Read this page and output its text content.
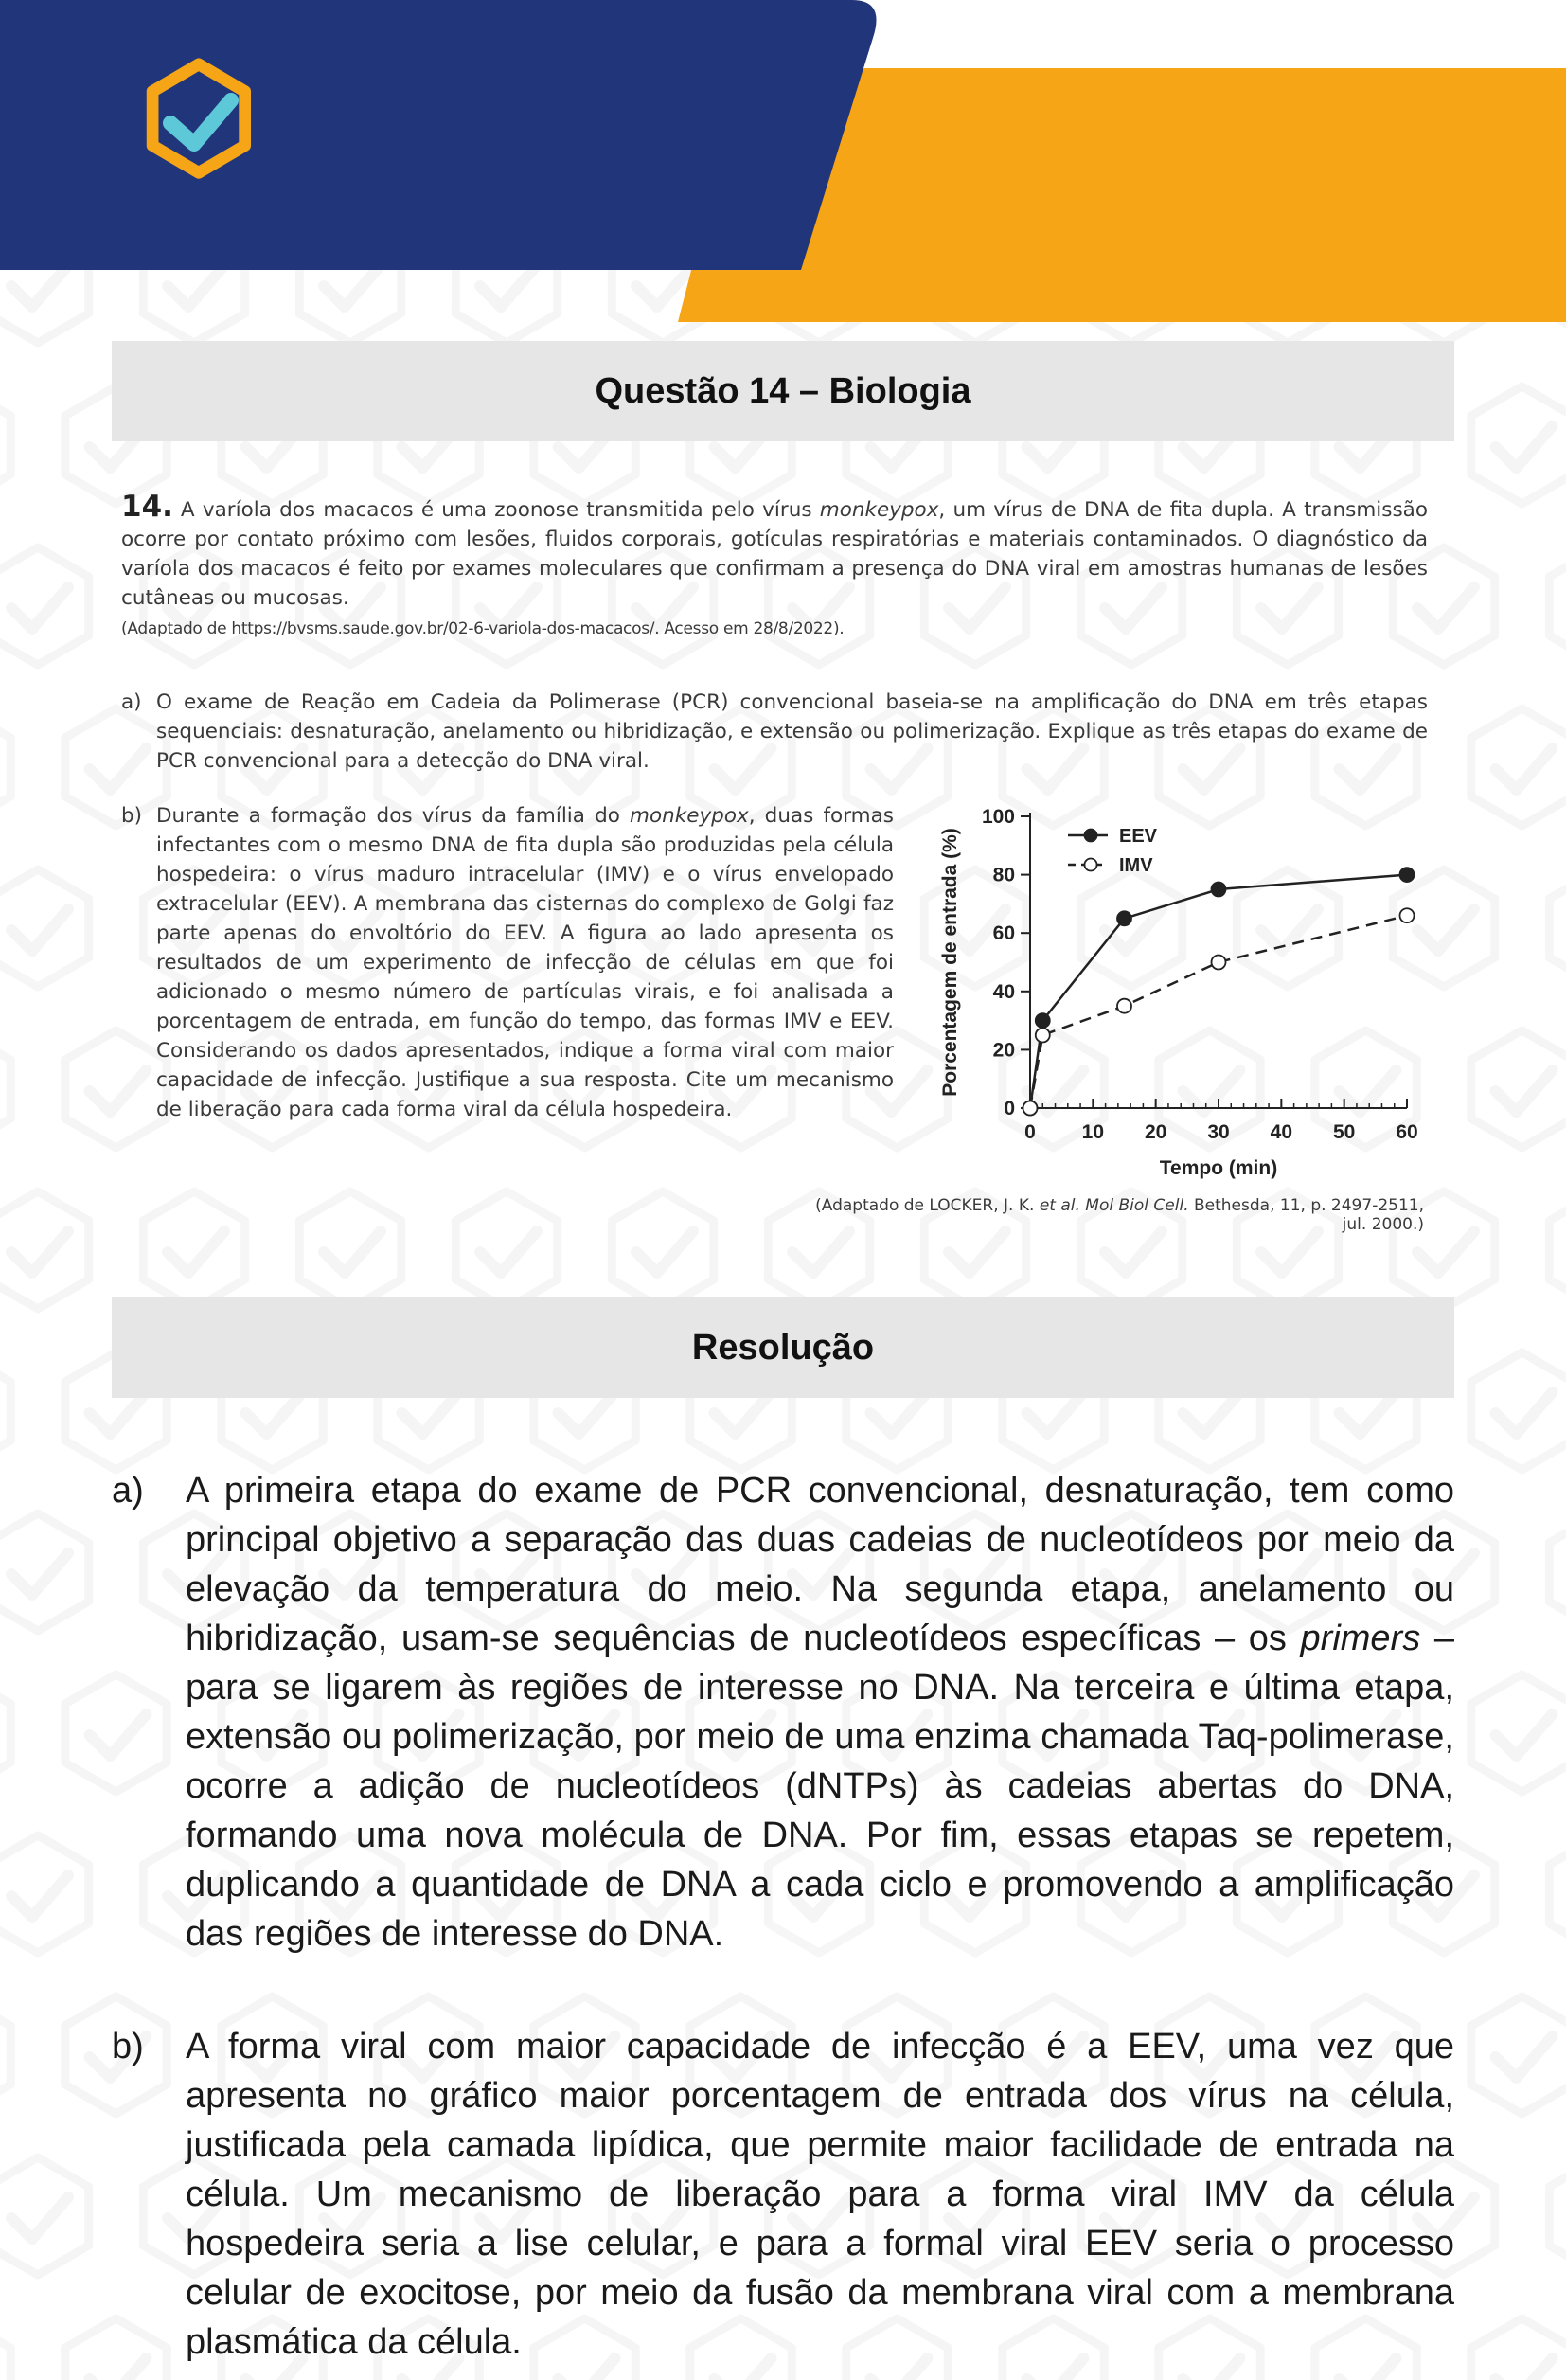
Questão 14 – Biologia
14. A varíola dos macacos é uma zoonose transmitida pelo vírus monkeypox, um vírus de DNA de fita dupla. A transmissão ocorre por contato próximo com lesões, fluidos corporais, gotículas respiratórias e materiais contaminados. O diagnóstico da varíola dos macacos é feito por exames moleculares que confirmam a presença do DNA viral em amostras humanas de lesões cutâneas ou mucosas.
(Adaptado de https://bvsms.saude.gov.br/02-6-variola-dos-macacos/. Acesso em 28/8/2022).
a) O exame de Reação em Cadeia da Polimerase (PCR) convencional baseia-se na amplificação do DNA em três etapas sequenciais: desnaturação, anelamento ou hibridização, e extensão ou polimerização. Explique as três etapas do exame de PCR convencional para a detecção do DNA viral.
b) Durante a formação dos vírus da família do monkeypox, duas formas infectantes com o mesmo DNA de fita dupla são produzidas pela célula hospedeira: o vírus maduro intracelular (IMV) e o vírus envelopado extracelular (EEV). A membrana das cisternas do complexo de Golgi faz parte apenas do envoltório do EEV. A figura ao lado apresenta os resultados de um experimento de infecção de células em que foi adicionado o mesmo número de partículas virais, e foi analisada a porcentagem de entrada, em função do tempo, das formas IMV e EEV. Considerando os dados apresentados, indique a forma viral com maior capacidade de infecção. Justifique a sua resposta. Cite um mecanismo de liberação para cada forma viral da célula hospedeira.
0 10 20 30 40 50 60
0
20
40
60
80
100
Tempo (min)
Porcentagem de entrada (%)	EEV
IMV
(Adaptado de LOCKER, J. K. et al. Mol Biol Cell. Bethesda, 11, p. 2497-2511, jul. 2000.)
Resolução
a)	A primeira etapa do exame de PCR convencional, desnaturação, tem como principal objetivo a separação das duas cadeias de nucleotídeos por meio da elevação da temperatura do meio. Na segunda etapa, anelamento ou hibridização, usam-se sequências de nucleotídeos específicas – os primers – para se ligarem às regiões de interesse no DNA. Na terceira e última etapa, extensão ou polimerização, por meio de uma enzima chamada Taq-polimerase, ocorre a adição de nucleotídeos (dNTPs) às cadeias abertas do DNA, formando uma nova molécula de DNA. Por fim, essas etapas se repetem, duplicando a quantidade de DNA a cada ciclo e promovendo a amplificação das regiões de interesse do DNA.
b)	A forma viral com maior capacidade de infecção é a EEV, uma vez que apresenta no gráfico maior porcentagem de entrada dos vírus na célula, justificada pela camada lipídica, que permite maior facilidade de entrada na célula. Um mecanismo de liberação para a forma viral IMV da célula hospedeira seria a lise celular, e para a formal viral EEV seria o processo celular de exocitose, por meio da fusão da membrana viral com a membrana plasmática da célula.
